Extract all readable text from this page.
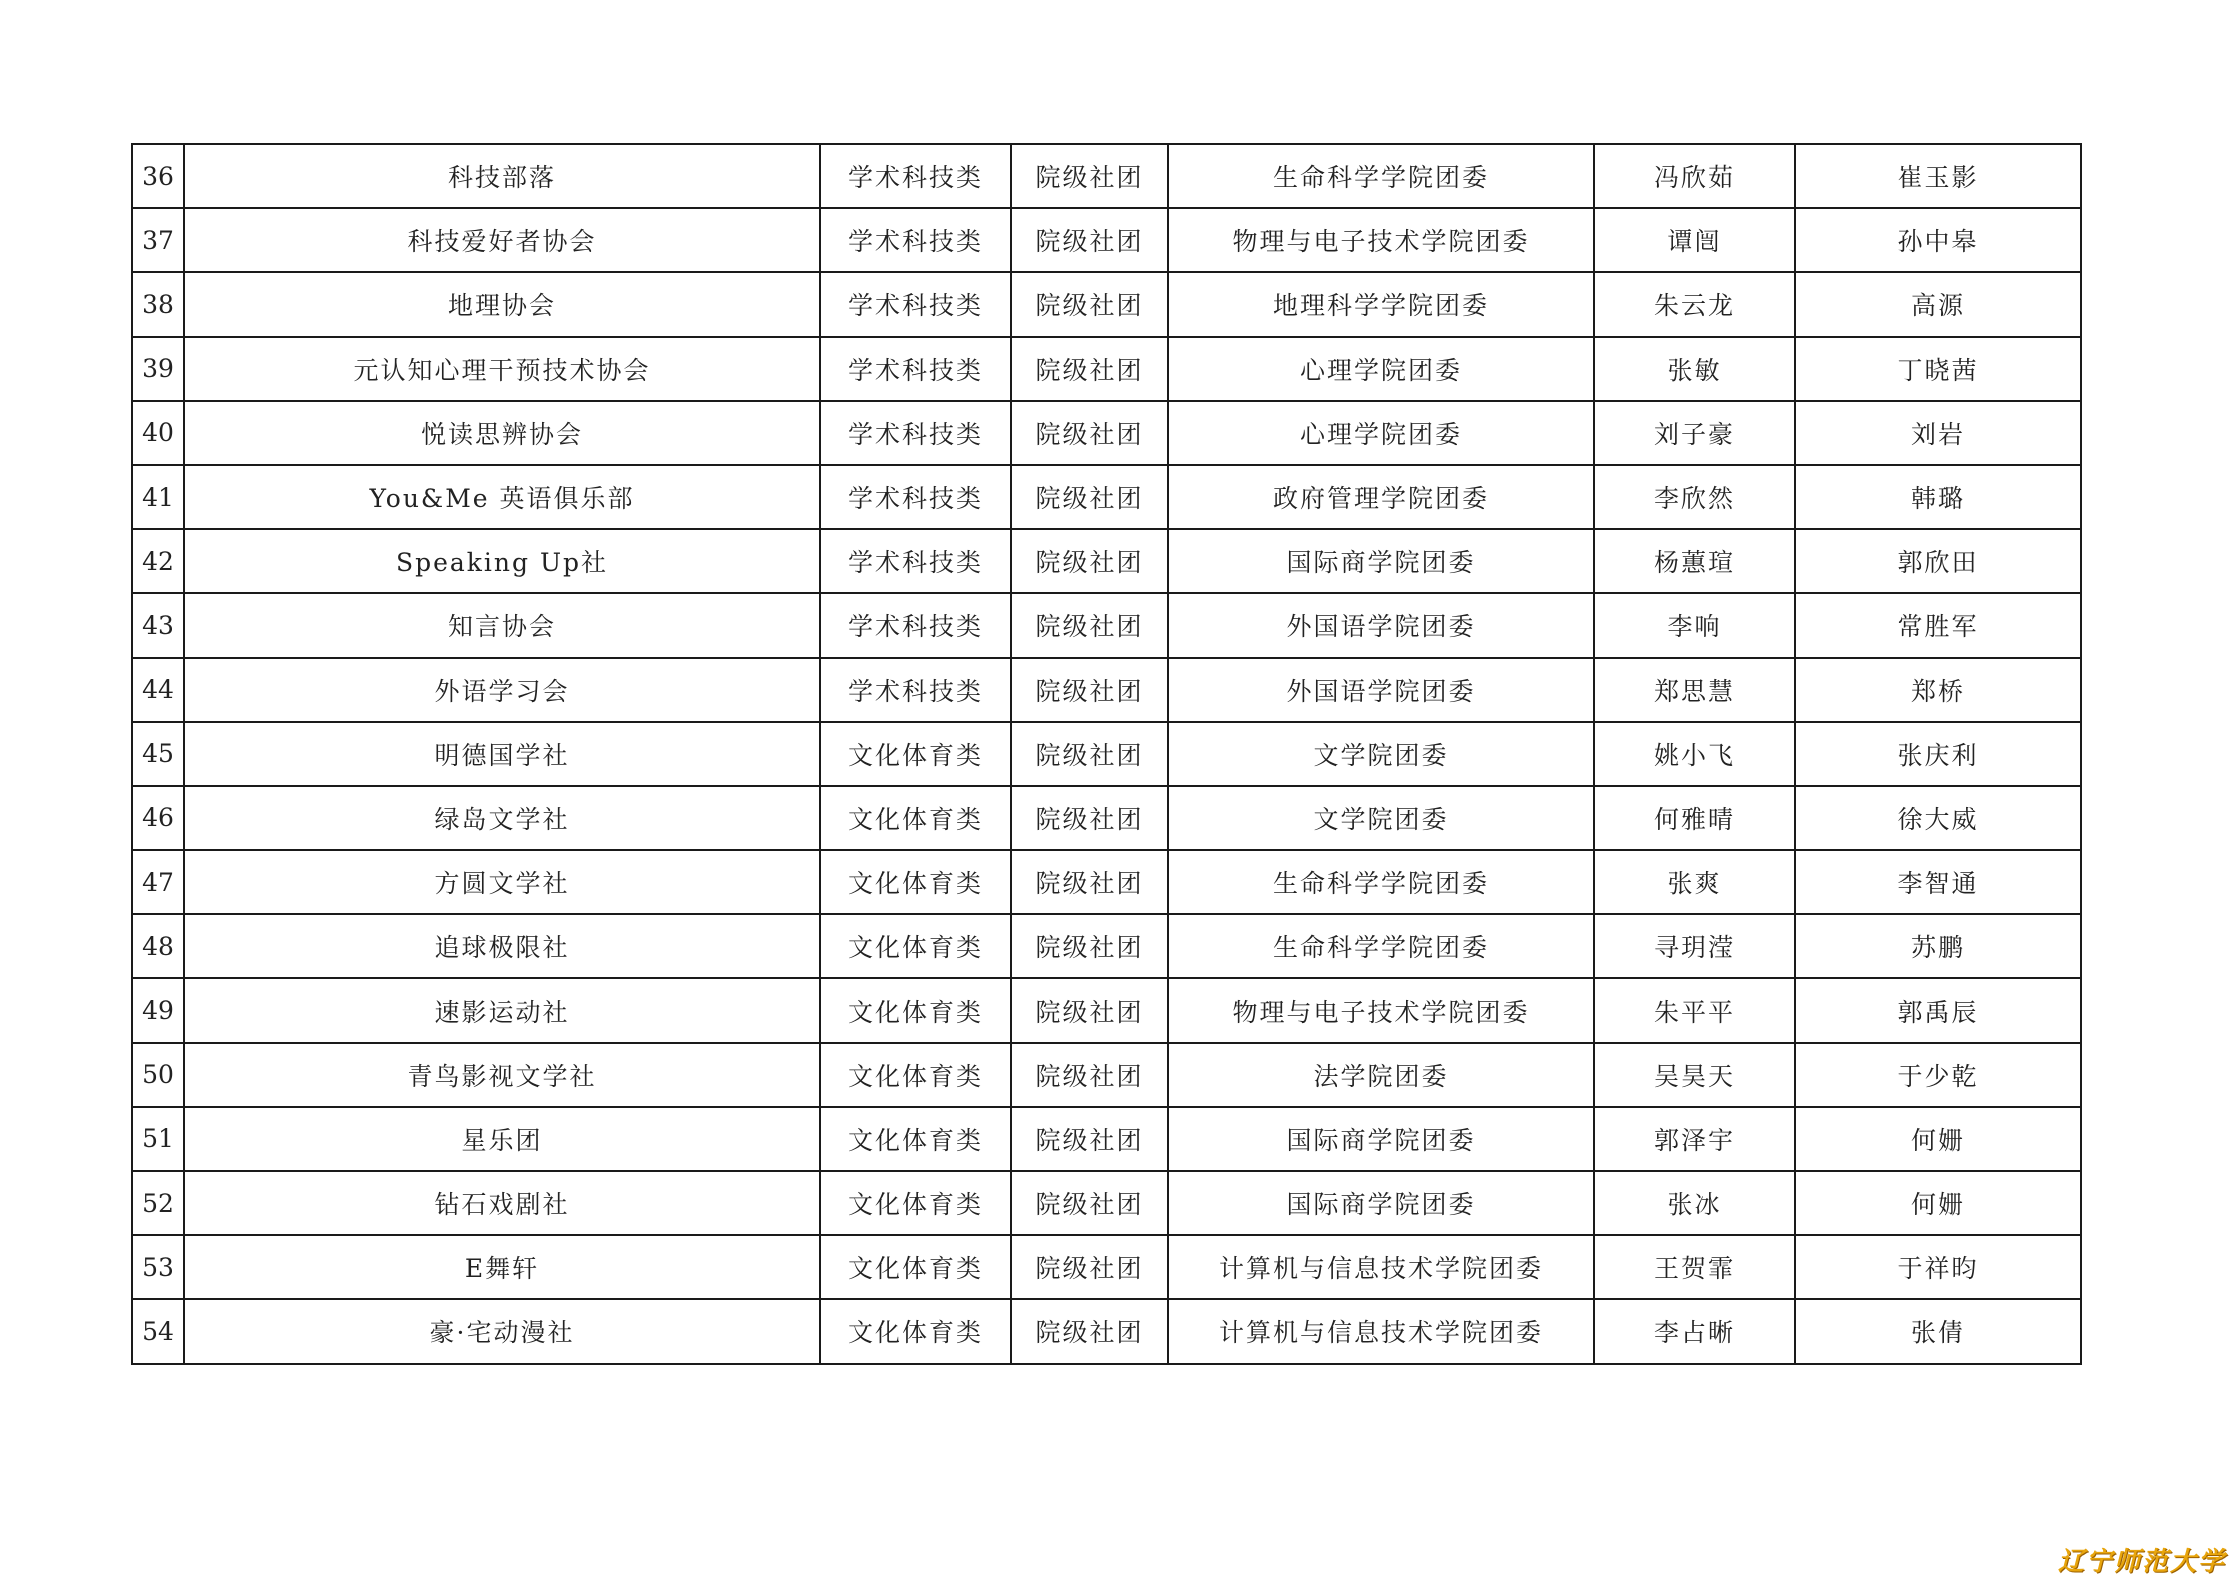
36	科技部落	学术科技类	院级社团	生命科学学院团委	冯欣茹	崔玉影
37	科技爱好者协会	学术科技类	院级社团	物理与电子技术学院团委	谭闿	孙中皋
38	地理协会	学术科技类	院级社团	地理科学学院团委	朱云龙	高源
39	元认知心理干预技术协会	学术科技类	院级社团	心理学院团委	张敏	丁晓茜
40	悦读思辨协会	学术科技类	院级社团	心理学院团委	刘子豪	刘岩
41	You&Me 英语俱乐部	学术科技类	院级社团	政府管理学院团委	李欣然	韩璐
42	Speaking Up社	学术科技类	院级社团	国际商学院团委	杨蕙瑄	郭欣田
43	知言协会	学术科技类	院级社团	外国语学院团委	李响	常胜军
44	外语学习会	学术科技类	院级社团	外国语学院团委	郑思慧	郑桥
45	明德国学社	文化体育类	院级社团	文学院团委	姚小飞	张庆利
46	绿岛文学社	文化体育类	院级社团	文学院团委	何雅晴	徐大威
47	方圆文学社	文化体育类	院级社团	生命科学学院团委	张爽	李智通
48	追球极限社	文化体育类	院级社团	生命科学学院团委	寻玥滢	苏鹏
49	速影运动社	文化体育类	院级社团	物理与电子技术学院团委	朱平平	郭禹辰
50	青鸟影视文学社	文化体育类	院级社团	法学院团委	吴昊天	于少乾
51	星乐团	文化体育类	院级社团	国际商学院团委	郭泽宇	何姗
52	钻石戏剧社	文化体育类	院级社团	国际商学院团委	张冰	何姗
53	E舞轩	文化体育类	院级社团	计算机与信息技术学院团委	王贺霏	于祥昀
54	豪·宅动漫社	文化体育类	院级社团	计算机与信息技术学院团委	李占晰	张倩
辽宁师范大学
